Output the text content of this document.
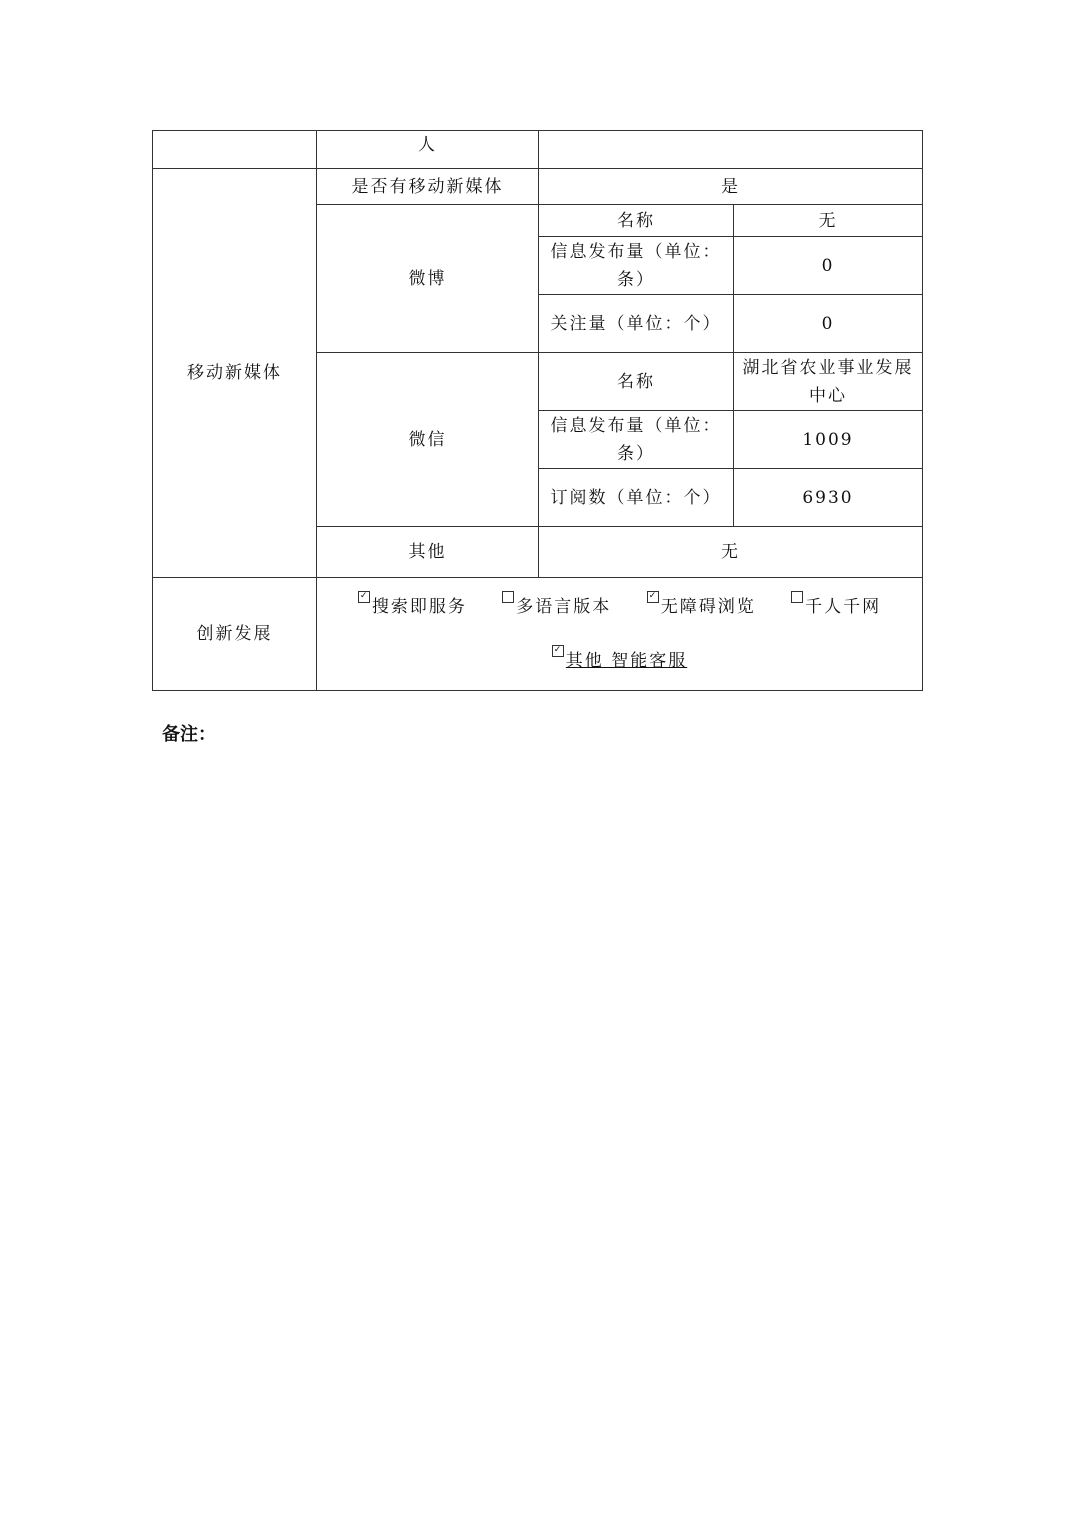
	人		
移动新媒体	是否有移动新媒体	是	
	微博	名称	无
		信息发布量（单位：条）	0
		关注量（单位：个）	0
	微信	名称	湖北省农业事业发展中心
		信息发布量（单位：条）	1009
		订阅数（单位：个）	6930
	其他	无	
创新发展	
✓搜索即服务 多语言版本 ✓ 无障碍浏览 千人千网
✓其他 智能客服
备注：
